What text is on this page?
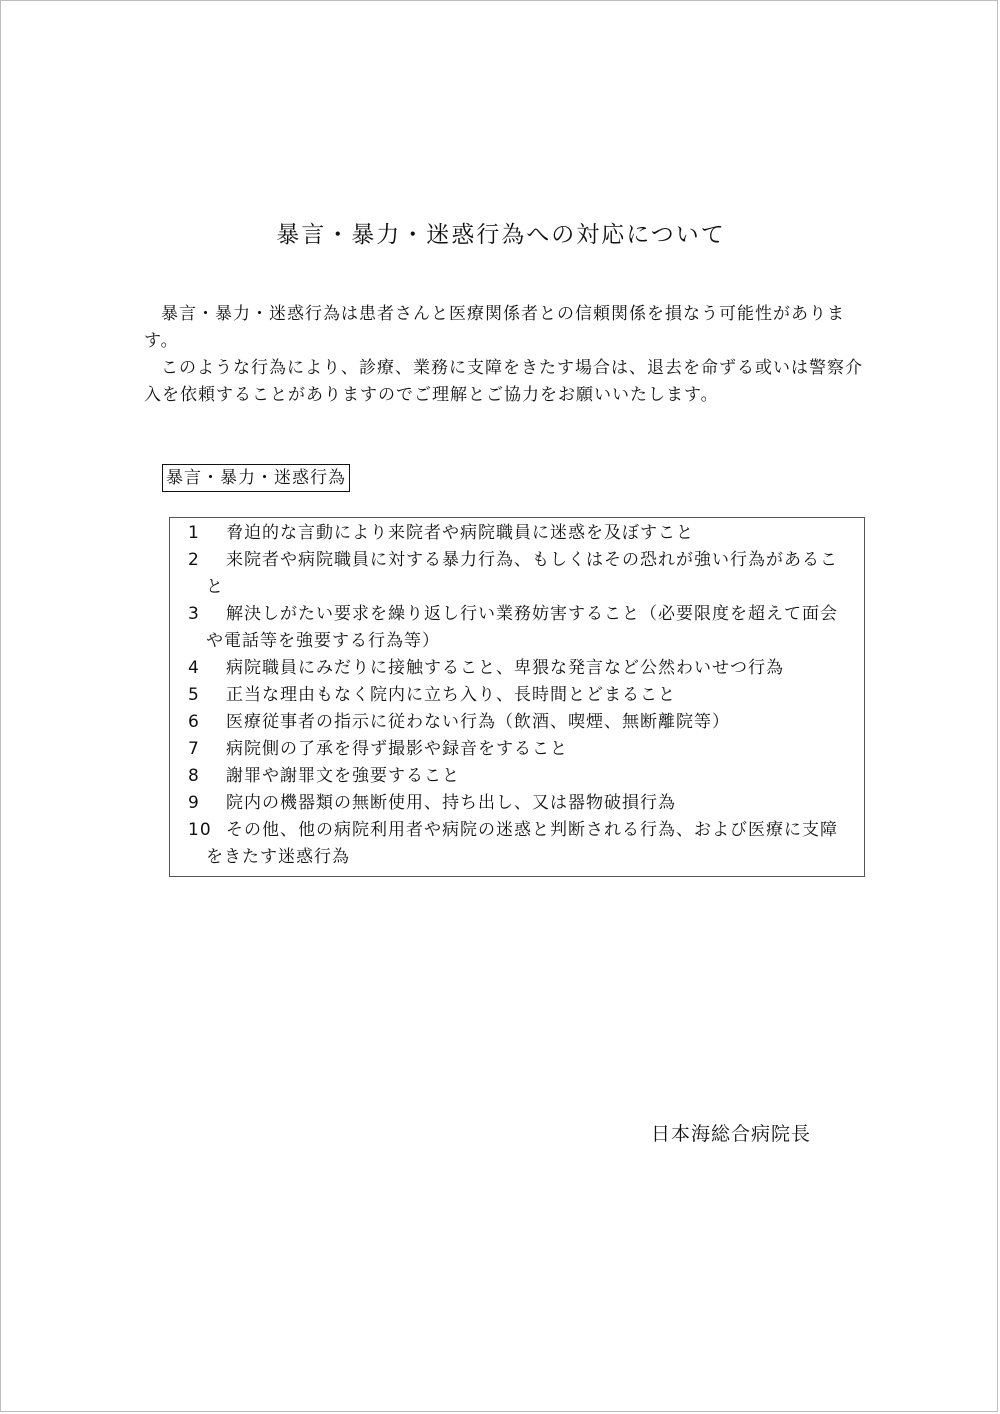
暴言・暴力・迷惑行為への対応について

暴言・暴力・迷惑行為は患者さんと医療関係者との信頼関係を損なう可能性があります。

このような行為により、診療、業務に支障をきたす場合は、退去を命ずる或いは警察介入を依頼することがありますのでご理解とご協力をお願いいたします。

暴言・暴力・迷惑行為
1 脅迫的な言動により来院者や病院職員に迷惑を及ぼすこと
2 来院者や病院職員に対する暴力行為、もしくはその恐れが強い行為があること
3 解決しがたい要求を繰り返し行い業務妨害すること（必要限度を超えて面会や電話等を強要する行為等）
4 病院職員にみだりに接触すること、卑猥な発言など公然わいせつ行為
5 正当な理由もなく院内に立ち入り、長時間とどまること
6 医療従事者の指示に従わない行為（飲酒、喫煙、無断離院等）
7 病院側の了承を得ず撮影や録音をすること
8 謝罪や謝罪文を強要すること
9 院内の機器類の無断使用、持ち出し、又は器物破損行為
10 その他、他の病院利用者や病院の迷惑と判断される行為、および医療に支障をきたす迷惑行為
日本海総合病院長
